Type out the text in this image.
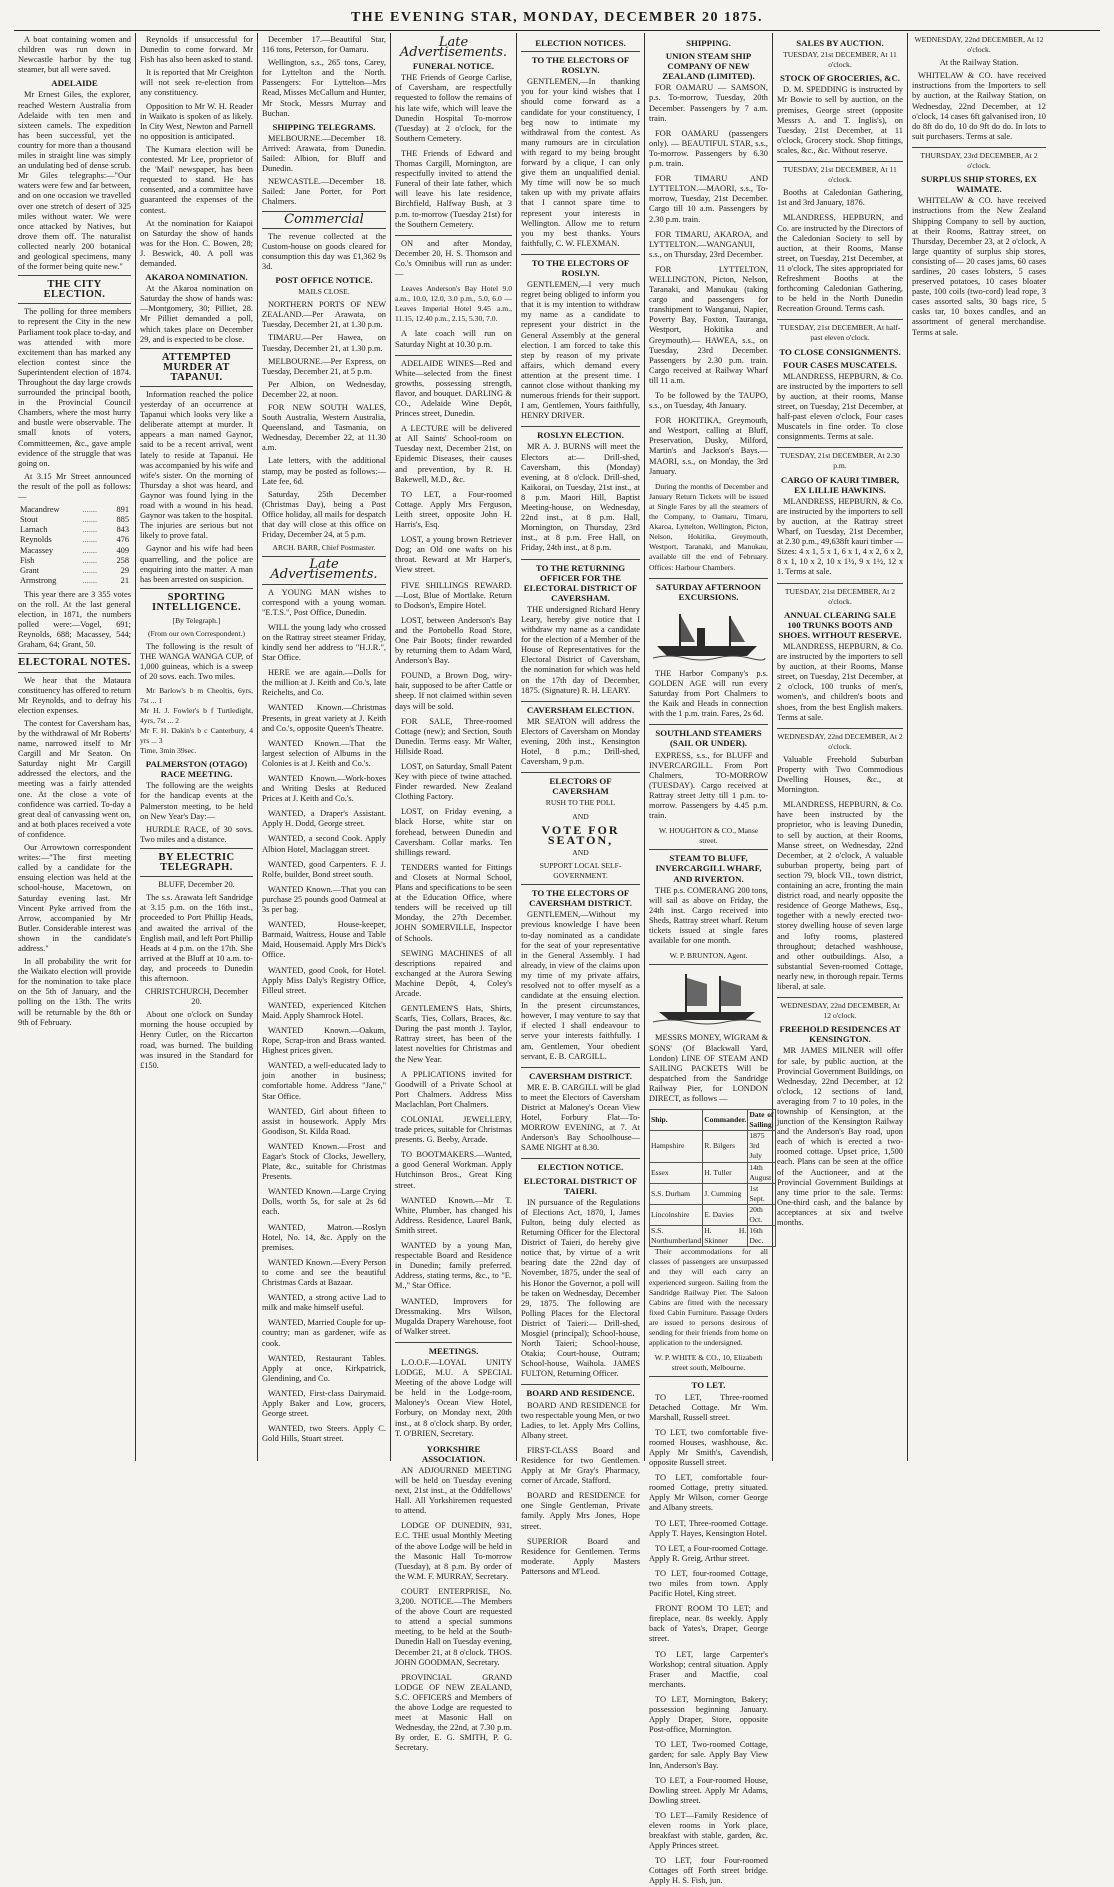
THE EVENING STAR, MONDAY, DECEMBER 20 1875.

A boat containing women and children was run down in Newcastle harbor by the tug steamer, but all were saved.

ADELAIDE

Mr Ernest Giles, the explorer, reached Western Australia from Adelaide with ten men and sixteen camels. The expedition has been successful, yet the country for more than a thousand miles in straight line was simply an undulating bed of dense scrub. Mr Giles telegraphs:—"Our waters were few and far between, and on one occasion we travelled over one stretch of desert of 325 miles without water. We were once attacked by Natives, but drove them off. The naturalist collected nearly 200 botanical and geological specimens, many of the former being quite new."

THE CITY ELECTION.

The polling for three members to represent the City in the new Parliament took place to-day, and was attended with more excitement than has marked any election contest since the Superintendent election of 1874. Throughout the day large crowds surrounded the principal booth, in the Provincial Council Chambers, where the most hurry and bustle were observable. The small knots of voters, Committeemen, &c., gave ample evidence of the struggle that was going on.

At 3.15 Mr Street announced the result of the poll as follows:—

Macandrew	.......	891
Stout	.......	885
Larnach	.......	843
Reynolds	.......	476
Macassey	.......	409
Fish	.......	258
Grant	.......	29
Armstrong	.......	21

This year there are 3 355 votes on the roll. At the last general election, in 1871, the numbers polled were:—Vogel, 691; Reynolds, 688; Macassey, 544; Graham, 64; Grant, 50.

ELECTORAL NOTES.

We hear that the Mataura constituency has offered to return Mr Reynolds, and to defray his election expenses.

The contest for Caversham has, by the withdrawal of Mr Roberts' name, narrowed itself to Mr Cargill and Mr Seaton. On Saturday night Mr Cargill addressed the electors, and the meeting was a fairly attended one. At the close a vote of confidence was carried. To-day a great deal of canvassing went on, and at both places received a vote of confidence.

Our Arrowtown correspondent writes:—"The first meeting called by a candidate for the ensuing election was held at the school-house, Macetown, on Saturday evening last. Mr Vincent Pyke arrived from the Arrow, accompanied by Mr Butler. Considerable interest was shown in the candidate's address."

In all probability the writ for the Waikato election will provide for the nomination to take place on the 5th of January, and the polling on the 13th. The writs will be returnable by the 8th or 9th of February.

Reynolds if unsuccessful for Dunedin to come forward. Mr Fish has also been asked to stand.

It is reported that Mr Creighton will not seek re-election from any constituency.

Opposition to Mr W. H. Reader in Waikato is spoken of as likely. In City West, Newton and Parnell no opposition is anticipated.

The Kumara election will be contested. Mr Lee, proprietor of the 'Mail' newspaper, has been requested to stand. He has consented, and a committee have guaranteed the expenses of the contest.

At the nomination for Kaiapoi on Saturday the show of hands was for the Hon. C. Bowen, 28; J. Beswick, 40. A poll was demanded.

AKAROA NOMINATION.

At the Akaroa nomination on Saturday the show of hands was:—Montgomery, 30; Pilliet, 28. Mr Pilliet demanded a poll, which takes place on December 29, and is expected to be close.

ATTEMPTED MURDER AT TAPANUI.

Information reached the police yesterday of an occurrence at Tapanui which looks very like a deliberate attempt at murder. It appears a man named Gaynor, said to be a recent arrival, went lately to reside at Tapanui. He was accompanied by his wife and wife's sister. On the morning of Thursday a shot was heard, and Gaynor was found lying in the road with a wound in his head. Gaynor was taken to the hospital. The injuries are serious but not likely to prove fatal.

Gaynor and his wife had been quarrelling, and the police are enquiring into the matter. A man has been arrested on suspicion.

SPORTING INTELLIGENCE.

[By Telegraph.]

(From our own Correspondent.)

The following is the result of THE WANGA WANGA CUP, of 1,000 guineas, which is a sweep of 20 sovs. each. Two miles.

Mr Barlow's b m Cheoltis, 6yrs, 7st ... 1
Mr H. J. Fowler's b f Turtledight, 4yrs, 7st ... 2
Mr F. H. Dakin's b c Canterbury, 4 yrs ... 3
Time, 3min 39sec.

PALMERSTON (OTAGO) RACE MEETING.

The following are the weights for the handicap events at the Palmerston meeting, to be held on New Year's Day:—

HURDLE RACE, of 30 sovs. Two miles and a distance.

BY ELECTRIC TELEGRAPH.

BLUFF, December 20.

The s.s. Arawata left Sandridge at 3.15 p.m. on the 16th inst., proceeded to Port Phillip Heads, and awaited the arrival of the English mail, and left Port Phillip Heads at 4 p.m. on the 17th. She arrived at the Bluff at 10 a.m. to-day, and proceeds to Dunedin this afternoon.

CHRISTCHURCH, December 20.

About one o'clock on Sunday morning the house occupied by Henry Cutler, on the Riccarton road, was burned. The building was insured in the Standard for £150.

December 17.—Beautiful Star, 116 tons, Peterson, for Oamaru.

Wellington, s.s., 265 tons, Carey, for Lyttelton and the North. Passengers: For Lyttelton—Mrs Read, Misses McCallum and Hunter, Mr Stock, Messrs Murray and Buchan.

SHIPPING TELEGRAMS.

MELBOURNE.—December 18. Arrived: Arawata, from Dunedin. Sailed: Albion, for Bluff and Dunedin.

NEWCASTLE.—December 18. Sailed: Jane Porter, for Port Chalmers.

Commercial

The revenue collected at the Custom-house on goods cleared for consumption this day was £1,362 9s 3d.

POST OFFICE NOTICE.

MAILS CLOSE.

NORTHERN PORTS OF NEW ZEALAND.—Per Arawata, on Tuesday, December 21, at 1.30 p.m.

TIMARU.—Per Hawea, on Tuesday, December 21, at 1.30 p.m.

MELBOURNE.—Per Express, on Tuesday, December 21, at 5 p.m.

Per Albion, on Wednesday, December 22, at noon.

FOR NEW SOUTH WALES, South Australia, Western Australia, Queensland, and Tasmania, on Wednesday, December 22, at 11.30 a.m.

Late letters, with the additional stamp, may be posted as follows:—Late fee, 6d.

Saturday, 25th December (Christmas Day), being a Post Office holiday, all mails for despatch that day will close at this office on Friday, December 24, at 5 p.m.

ARCH. BARR, Chief Postmaster.

Late Advertisements.

A YOUNG MAN wishes to correspond with a young woman. "E.T.S.", Post Office, Dunedin.

WILL the young lady who crossed on the Rattray street steamer Friday, kindly send her address to "H.J.R.", Star Office.

HERE we are again.—Dolls for the million at J. Keith and Co.'s, late Reichelts, and Co.

WANTED Known.—Christmas Presents, in great variety at J. Keith and Co.'s, opposite Queen's Theatre.

WANTED Known.—That the largest selection of Albums in the Colonies is at J. Keith and Co.'s.

WANTED Known.—Work-boxes and Writing Desks at Reduced Prices at J. Keith and Co.'s.

WANTED, a Draper's Assistant. Apply H. Dodd, George street.

WANTED, a second Cook. Apply Albion Hotel, Maclaggan street.

WANTED, good Carpenters. F. J. Rolfe, builder, Bond street south.

WANTED Known.—That you can purchase 25 pounds good Oatmeal at 3s per bag.

WANTED, House-keeper, Barmaid, Waitress, House and Table Maid, Housemaid. Apply Mrs Dick's Office.

WANTED, good Cook, for Hotel. Apply Miss Daly's Registry Office, Filleul street.

WANTED, experienced Kitchen Maid. Apply Shamrock Hotel.

WANTED Known.—Oakum, Rope, Scrap-iron and Brass wanted. Highest prices given.

WANTED, a well-educated lady to join another in business; comfortable home. Address "Jane," Star Office.

WANTED, Girl about fifteen to assist in housework. Apply Mrs Goodison, St. Kilda Road.

WANTED Known.—Frost and Eagar's Stock of Clocks, Jewellery, Plate, &c., suitable for Christmas Presents.

WANTED Known.—Large Crying Dolls, worth 5s, for sale at 2s 6d each.

WANTED, Matron.—Roslyn Hotel, No. 14, &c. Apply on the premises.

WANTED Known.—Every Person to come and see the beautiful Christmas Cards at Bazaar.

WANTED, a strong active Lad to milk and make himself useful.

WANTED, Married Couple for up-country; man as gardener, wife as cook.

WANTED, Restaurant Tables. Apply at once, Kirkpatrick, Glendining, and Co.

WANTED, First-class Dairymaid. Apply Baker and Low, grocers, George street.

WANTED, two Steers. Apply C. Gold Hills, Stuart street.

Late Advertisements.
FUNERAL NOTICE.

THE Friends of George Carlise, of Caversham, are respectfully requested to follow the remains of his late wife, which will leave the Dunedin Hospital To-morrow (Tuesday) at 2 o'clock, for the Southern Cemetery.

THE Friends of Edward and Thomas Cargill, Mornington, are respectfully invited to attend the Funeral of their late father, which will leave his late residence, Birchfield, Halfway Bush, at 3 p.m. to-morrow (Tuesday 21st) for the Southern Cemetery.

ON and after Monday, December 20, H. S. Thomson and Co.'s Omnibus will run as under:—

Leaves Anderson's Bay Hotel 9.0 a.m., 10.0, 12.0, 3.0 p.m., 5.0, 6.0 — Leaves Imperial Hotel 9.45 a.m., 11.15, 12.40 p.m., 2.15, 5.30, 7.0.

A late coach will run on Saturday Night at 10.30 p.m.

ADELAIDE WINES—Red and White—selected from the finest growths, possessing strength, flavor, and bouquet. DARLING & CO., Adelaide Wine Depôt, Princes street, Dunedin.

A LECTURE will be delivered at All Saints' School-room on Tuesday next, December 21st, on Epidemic Diseases, their causes and prevention, by R. H. Bakewell, M.D., &c.

TO LET, a Four-roomed Cottage. Apply Mrs Ferguson, Leith street, opposite John H. Harris's, Esq.

LOST, a young brown Retriever Dog; an Old one wafts on his throat. Reward at Mr Harper's, View street.

FIVE SHILLINGS REWARD.—Lost, Blue of Mortlake. Return to Dodson's, Empire Hotel.

LOST, between Anderson's Bay and the Portobello Road Store, One Pair Boots; finder rewarded by returning them to Adam Ward, Anderson's Bay.

FOUND, a Brown Dog, wiry-hair, supposed to be after Cattle or sheep. If not claimed within seven days will be sold.

FOR SALE, Three-roomed Cottage (new); and Section, South Dunedin. Terms easy. Mr Walter, Hillside Road.

LOST, on Saturday, Small Patent Key with piece of twine attached. Finder rewarded. New Zealand Clothing Factory.

LOST, on Friday evening, a black Horse, white star on forehead, between Dunedin and Caversham. Collar marks. Ten shillings reward.

TENDERS wanted for Fittings and Closets at Normal School, Plans and specifications to be seen at the Education Office, where tenders will be received up till Monday, the 27th December. JOHN SOMERVILLE, Inspector of Schools.

SEWING MACHINES of all descriptions repaired and exchanged at the Aurora Sewing Machine Depôt, 4, Coley's Arcade.

GENTLEMEN'S Hats, Shirts, Scarfs, Ties, Collars, Braces, &c. During the past month J. Taylor, Rattray street, has been of the latest novelties for Christmas and the New Year.

A PPLICATIONS invited for Goodwill of a Private School at Port Chalmers. Address Miss Maclachlan, Port Chalmers.

COLONIAL JEWELLERY, trade prices, suitable for Christmas presents. G. Beeby, Arcade.

TO BOOTMAKERS.—Wanted, a good General Workman. Apply Hutchinson Bros., Great King street.

WANTED Known.—Mr T. White, Plumber, has changed his Address. Residence, Laurel Bank, Smith street.

WANTED by a young Man, respectable Board and Residence in Dunedin; family preferred. Address, stating terms, &c., to "E. M.," Star Office.

WANTED, Improvers for Dressmaking. Mrs Wilson, Mugalda Drapery Warehouse, foot of Walker street.

MEETINGS.

L.O.O.F.—LOYAL UNITY LODGE, M.U. A SPECIAL Meeting of the above Lodge will be held in the Lodge-room, Maloney's Ocean View Hotel, Forbury, on Monday next, 20th inst., at 8 o'clock sharp. By order, T. O'BRIEN, Secretary.

YORKSHIRE ASSOCIATION.

AN ADJOURNED MEETING will be held on Tuesday evening next, 21st inst., at the Oddfellows' Hall. All Yorkshiremen requested to attend.

LODGE OF DUNEDIN, 931, E.C. THE usual Monthly Meeting of the above Lodge will be held in the Masonic Hall To-morrow (Tuesday), at 8 p.m. By order of the W.M. F. MURRAY, Secretary.

COURT ENTERPRISE, No. 3,200. NOTICE.—The Members of the above Court are requested to attend a special summons meeting, to be held at the South-Dunedin Hall on Tuesday evening, December 21, at 8 o'clock. THOS. JOHN GOODMAN, Secretary.

PROVINCIAL GRAND LODGE OF NEW ZEALAND, S.C. OFFICERS and Members of the above Lodge are requested to meet at Masonic Hall on Wednesday, the 22nd, at 7.30 p.m. By order, E. G. SMITH, P. G. Secretary.

ELECTION NOTICES.
TO THE ELECTORS OF ROSLYN.

GENTLEMEN,—In thanking you for your kind wishes that I should come forward as a candidate for your constituency, I beg now to intimate my withdrawal from the contest. As many rumours are in circulation with regard to my being brought forward by a clique, I can only give them an unqualified denial. My time will now be so much taken up with my private affairs that I cannot spare time to represent your interests in Wellington. Allow me to return you my best thanks. Yours faithfully, C. W. FLEXMAN.

TO THE ELECTORS OF ROSLYN.

GENTLEMEN,—I very much regret being obliged to inform you that it is my intention to withdraw my name as a candidate to represent your district in the General Assembly at the general election. I am forced to take this step by reason of my private affairs, which demand every attention at the present time. I cannot close without thanking my numerous friends for their support. I am, Gentlemen, Yours faithfully, HENRY DRIVER.

ROSLYN ELECTION.

MR A. J. BURNS will meet the Electors at:— Drill-shed, Caversham, this (Monday) evening, at 8 o'clock. Drill-shed, Kaikorai, on Tuesday, 21st inst., at 8 p.m. Maori Hill, Baptist Meeting-house, on Wednesday, 22nd inst., at 8 p.m. Hall, Mornington, on Thursday, 23rd inst., at 8 p.m. Free Hall, on Friday, 24th inst., at 8 p.m.

TO THE RETURNING OFFICER FOR THE ELECTORAL DISTRICT OF CAVERSHAM.

THE undersigned Richard Henry Leary, hereby give notice that I withdraw my name as a candidate for the election of a Member of the House of Representatives for the Electoral District of Caversham, the nomination for which was held on the 17th day of December, 1875. (Signature) R. H. LEARY.

CAVERSHAM ELECTION.

MR SEATON will address the Electors of Caversham on Monday evening, 20th inst., Kensington Hotel, 8 p.m.; Drill-shed, Caversham, 9 p.m.

ELECTORS OF CAVERSHAM

RUSH TO THE POLL

AND

VOTE FOR SEATON,

AND

SUPPORT LOCAL SELF-GOVERNMENT.

TO THE ELECTORS OF CAVERSHAM DISTRICT.

GENTLEMEN,—Without my previous knowledge I have been to-day nominated as a candidate for the seat of your representative in the General Assembly. I had already, in view of the claims upon my time of my private affairs, resolved not to offer myself as a candidate at the ensuing election. In the present circumstances, however, I may venture to say that if elected I shall endeavour to serve your interests faithfully. I am, Gentlemen, Your obedient servant, E. B. CARGILL.

CAVERSHAM DISTRICT.

MR E. B. CARGILL will be glad to meet the Electors of Caversham District at Maloney's Ocean View Hotel, Forbury Flat—To-MORROW EVENING, at 7. At Anderson's Bay Schoolhouse—SAME NIGHT at 8.30.

ELECTION NOTICE.
ELECTORAL DISTRICT OF TAIERI.

IN pursuance of the Regulations of Elections Act, 1870, I, James Fulton, being duly elected as Returning Officer for the Electoral District of Taieri, do hereby give notice that, by virtue of a writ bearing date the 22nd day of November, 1875, under the seal of his Honor the Governor, a poll will be taken on Wednesday, December 29, 1875. The following are Polling Places for the Electoral District of Taieri:— Drill-shed, Mosgiel (principal); School-house, North Taieri; School-house, Otakia; Court-house, Outram; School-house, Waihola. JAMES FULTON, Returning Officer.

BOARD AND RESIDENCE.

BOARD AND RESIDENCE for two respectable young Men, or two Ladies, to let. Apply Mrs Collins, Albany street.

FIRST-CLASS Board and Residence for two Gentlemen. Apply at Mr Gray's Pharmacy, corner of Arcade, Stafford.

BOARD and RESIDENCE for one Single Gentleman, Private family. Apply Mrs Jones, Hope street.

SUPERIOR Board and Residence for Gentlemen. Terms moderate. Apply Masters Pattersons and M'Leod.

SHIPPING.
UNION STEAM SHIP COMPANY OF NEW ZEALAND (LIMITED).

FOR OAMARU — SAMSON, p.s. To-morrow, Tuesday, 20th December. Passengers by 7 a.m. train.

FOR OAMARU (passengers only). — BEAUTIFUL STAR, s.s., To-morrow. Passengers by 6.30 p.m. train.

FOR TIMARU AND LYTTELTON.—MAORI, s.s., To-morrow, Tuesday, 21st December. Cargo till 10 a.m. Passengers by 2.30 p.m. train.

FOR TIMARU, AKAROA, and LYTTELTON.—WANGANUI, s.s., on Thursday, 23rd December.

FOR LYTTELTON, WELLINGTON, Picton, Nelson, Taranaki, and Manukau (taking cargo and passengers for transhipment to Wanganui, Napier, Poverty Bay, Foxton, Tauranga, Westport, Hokitika and Greymouth).— HAWEA, s.s., on Tuesday, 23rd December. Passengers by 2.30 p.m. train. Cargo received at Railway Wharf till 11 a.m.

To be followed by the TAUPO, s.s., on Tuesday, 4th January.

FOR HOKITIKA, Greymouth, and Westport, calling at Bluff, Preservation, Dusky, Milford, Martin's and Jackson's Bays.— MAORI, s.s., on Monday, the 3rd January.

During the months of December and January Return Tickets will be issued at Single Fares by all the steamers of the Company, to Oamaru, Timaru, Akaroa, Lyttelton, Wellington, Picton, Nelson, Hokitika, Greymouth, Westport, Taranaki, and Manukau, available till the end of February. Offices: Harbour Chambers.

SATURDAY AFTERNOON EXCURSIONS.

THE Harbor Company's p.s. GOLDEN AGE will run every Saturday from Port Chalmers to the Kaik and Heads in connection with the 1 p.m. train. Fares, 2s 6d.

SOUTHLAND STEAMERS (SAIL OR UNDER).

EXPRESS, s.s., for BLUFF and INVERCARGILL. From Port Chalmers, TO-MORROW (TUESDAY). Cargo received at Rattray street Jetty till 1 p.m. to-morrow. Passengers by 4.45 p.m. train.

W. HOUGHTON & CO., Manse street.

STEAM TO BLUFF, INVERCARGILL WHARF, AND RIVERTON.

THE p.s. COMERANG 200 tons, will sail as above on Friday, the 24th inst. Cargo received into Sheds, Rattray street wharf. Return tickets issued at single fares available for one month.

W. P. BRUNTON, Agent.

MESSRS MONEY, WIGRAM & SONS' (Of Blackwall Yard, London) LINE OF STEAM AND SAILING PACKETS Will be despatched from the Sandridge Railway Pier, for LONDON DIRECT, as follows —

Ship.	Commander.	Date of Sailing.
Hampshire	R. Bilgers	1875 3rd July
Essex	H. Tuller	14th August
S.S. Durham	J. Cumming	1st Sept.
Lincolnshire	E. Davies	20th Oct.
S.S. Northumberland	H. H. Skinner	16th Dec.

Their accommodations for all classes of passengers are unsurpassed and they will each carry an experienced surgeon. Sailing from the Sandridge Railway Pier. The Saloon Cabins are fitted with the necessary fixed Cabin Furniture. Passage Orders are issued to persons desirous of sending for their friends from home on application to the undersigned.

W. P. WHITE & CO., 10, Elizabeth street south, Melbourne.

TO LET.

TO LET, Three-roomed Detached Cottage. Mr Wm. Marshall, Russell street.

TO LET, two comfortable five-roomed Houses, washhouse, &c. Apply Mr Smith's, Cavendish, opposite Russell street.

TO LET, comfortable four-roomed Cottage, pretty situated. Apply Mr Wilson, corner George and Albany streets.

TO LET, Three-roomed Cottage. Apply T. Hayes, Kensington Hotel.

TO LET, a Four-roomed Cottage. Apply R. Greig, Arthur street.

TO LET, four-roomed Cottage, two miles from town. Apply Pacific Hotel, King street.

FRONT ROOM TO LET; and fireplace, near. 8s weekly. Apply back of Yates's, Draper, George street.

TO LET, large Carpenter's Workshop; central situation. Apply Fraser and Mactfie, coal merchants.

TO LET, Mornington, Bakery; possession beginning January. Apply Draper, Store, opposite Post-office, Mornington.

TO LET, Two-roomed Cottage, garden; for sale. Apply Bay View Inn, Anderson's Bay.

TO LET, a Four-roomed House, Dowling street. Apply Mr Adams, Dowling street.

TO LET—Family Residence of eleven rooms in York place, breakfast with stable, garden, &c. Apply Princes street.

TO LET, four Four-roomed Cottages off Forth street bridge. Apply H. S. Fish, jun.

SALES BY AUCTION.

TUESDAY, 21st DECEMBER, At 11 o'clock.

STOCK OF GROCERIES, &C.

D. M. SPEDDING is instructed by Mr Bowie to sell by auction, on the premises, George street (opposite Messrs A. and T. Inglis's), on Tuesday, 21st December, at 11 o'clock, Grocery stock. Shop fittings, scales, &c., &c. Without reserve.

TUESDAY, 21st DECEMBER, At 11 o'clock.

Booths at Caledonian Gathering, 1st and 3rd January, 1876.

MLANDRESS, HEPBURN, and Co. are instructed by the Directors of the Caledonian Society to sell by auction, at their Rooms, Manse street, on Tuesday, 21st December, at 11 o'clock, The sites appropriated for Refreshment Booths at the forthcoming Caledonian Gathering, to be held in the North Dunedin Recreation Ground. Terms cash.

TUESDAY, 21st DECEMBER, At half-past eleven o'clock.

TO CLOSE CONSIGNMENTS.
FOUR CASES MUSCATELS.

MLANDRESS, HEPBURN, & Co. are instructed by the importers to sell by auction, at their rooms, Manse street, on Tuesday, 21st December, at half-past eleven o'clock, Four cases Muscatels in fine order. To close consignments. Terms at sale.

TUESDAY, 21st DECEMBER, At 2.30 p.m.

CARGO OF KAURI TIMBER, EX LILLIE HAWKINS.

MLANDRESS, HEPBURN, & Co. are instructed by the importers to sell by auction, at the Rattray street Wharf, on Tuesday, 21st December, at 2.30 p.m., 49,638ft kauri timber — Sizes: 4 x 1, 5 x 1, 6 x 1, 4 x 2, 6 x 2, 8 x 1, 10 x 2, 10 x 1½, 9 x 1½, 12 x 1. Terms at sale.

TUESDAY, 21st DECEMBER, At 2 o'clock.

ANNUAL CLEARING SALE 100 TRUNKS BOOTS AND SHOES. WITHOUT RESERVE.

MLANDRESS, HEPBURN, & Co. are instructed by the importers to sell by auction, at their Rooms, Manse street, on Tuesday, 21st December, at 2 o'clock, 100 trunks of men's, women's, and children's boots and shoes, from the best English makers. Terms at sale.

WEDNESDAY, 22nd DECEMBER, At 2 o'clock.

Valuable Freehold Suburban Property with Two Commodious Dwelling Houses, &c., at Mornington.

MLANDRESS, HEPBURN, & Co. have been instructed by the proprietor, who is leaving Dunedin, to sell by auction, at their Rooms, Manse street, on Wednesday, 22nd December, at 2 o'clock, A valuable suburban property, being part of section 79, block VII., town district, containing an acre, fronting the main district road, and nearly opposite the residence of George Mathews, Esq., together with a newly erected two-storey dwelling house of seven large and lofty rooms, plastered throughout; detached washhouse, and other outbuildings. Also, a substantial Seven-roomed Cottage, nearly new, in thorough repair. Terms liberal, at sale.

WEDNESDAY, 22nd DECEMBER, At 12 o'clock.

FREEHOLD RESIDENCES AT KENSINGTON.

MR JAMES MILNER will offer for sale, by public auction, at the Provincial Government Buildings, on Wednesday, 22nd December, at 12 o'clock, 12 sections of land, averaging from 7 to 10 poles, in the township of Kensington, at the junction of the Kensington Railway and the Anderson's Bay road, upon each of which is erected a two-roomed cottage. Upset price, 1,500 each. Plans can be seen at the office of the Auctioneer, and at the Provincial Government Buildings at any time prior to the sale. Terms: One-third cash, and the balance by acceptances at six and twelve months.

WEDNESDAY, 22nd DECEMBER, At 12 o'clock.

At the Railway Station.

WHITELAW & CO. have received instructions from the Importers to sell by auction, at the Railway Station, on Wednesday, 22nd December, at 12 o'clock, 14 cases 6ft galvanised iron, 10 do 8ft do do, 10 do 9ft do do. In lots to suit purchasers. Terms at sale.

THURSDAY, 23rd DECEMBER, At 2 o'clock.

SURPLUS SHIP STORES, EX WAIMATE.

WHITELAW & CO. have received instructions from the New Zealand Shipping Company to sell by auction, at their Rooms, Rattray street, on Thursday, December 23, at 2 o'clock, A large quantity of surplus ship stores, consisting of— 20 cases jams, 60 cases sardines, 20 cases lobsters, 5 cases preserved potatoes, 10 cases bloater paste, 100 coils (two-cord) lead rope, 3 cases assorted salts, 30 bags rice, 5 casks tar, 10 boxes candles, and an assortment of general merchandise. Terms at sale.
